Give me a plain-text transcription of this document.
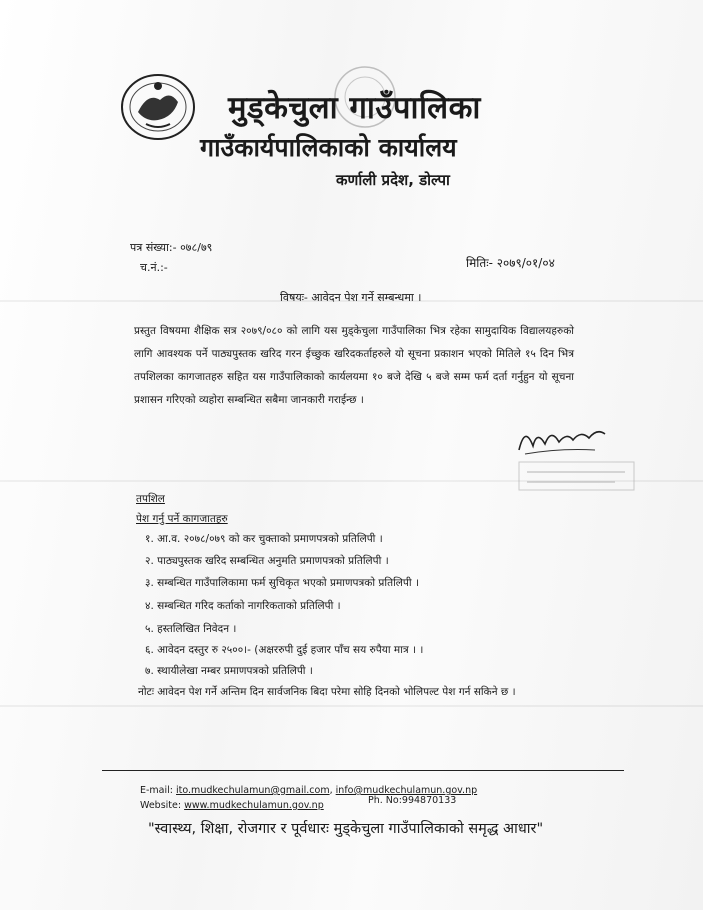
मुड्केचुला गाउँपालिका
गाउँकार्यपालिकाको कार्यालय
कर्णाली प्रदेश, डोल्पा
पत्र संख्या:- ०७८/७९
च.नं.:-	मितिः- २०७९/०१/०४
विषयः- आवेदन पेश गर्ने सम्बन्धमा ।
प्रस्तुत विषयमा शैक्षिक सत्र २०७९/०८० को लागि यस मुड्केचुला गाउँपालिका भित्र रहेका सामुदायिक विद्यालयहरुको लागि आवश्यक पर्ने पाठ्यपुस्तक खरिद गरन ईच्छुक खरिदकर्ताहरुले यो सूचना प्रकाशन भएको मितिले १५ दिन भित्र तपशिलका कागजातहरु सहित यस गाउँपालिकाको कार्यलयमा १० बजे देखि ५ बजे सम्म फर्म दर्ता गर्नुहुन यो सूचना प्रशासन गरिएको व्यहोरा सम्बन्धित सबैमा जानकारी गराईन्छ ।
तपशिल
पेश गर्नु पर्ने कागजातहरु
१. आ.व. २०७८/०७९ को कर चुक्ताको प्रमाणपत्रको प्रतिलिपी ।
२. पाठ्यपुस्तक खरिद सम्बन्धित अनुमति प्रमाणपत्रको प्रतिलिपी ।
३. सम्बन्धित गाउँपालिकामा फर्म सुचिकृत भएको प्रमाणपत्रको प्रतिलिपी ।
४. सम्बन्धित गरिद कर्ताको नागरिकताको प्रतिलिपी ।
५. हस्तलिखित निवेदन ।
६. आवेदन दस्तुर रु २५००।- (अक्षररुपी दुई हजार पाँच सय रुपैया मात्र । ।
७. स्थायीलेखा नम्बर प्रमाणपत्रको प्रतिलिपी ।
नोटः आवेदन पेश गर्ने अन्तिम दिन सार्वजनिक बिदा परेमा सोहि दिनको भोलिपल्ट पेश गर्न सकिने छ ।
E-mail: ito.mudkechulamun@gmail.com, info@mudkechulamun.gov.np
Website: www.mudkechulamun.gov.np	Ph. No:994870133
"स्वास्थ्य, शिक्षा, रोजगार र पूर्वधारः मुड्केचुला गाउँपालिकाको समृद्ध आधार"
